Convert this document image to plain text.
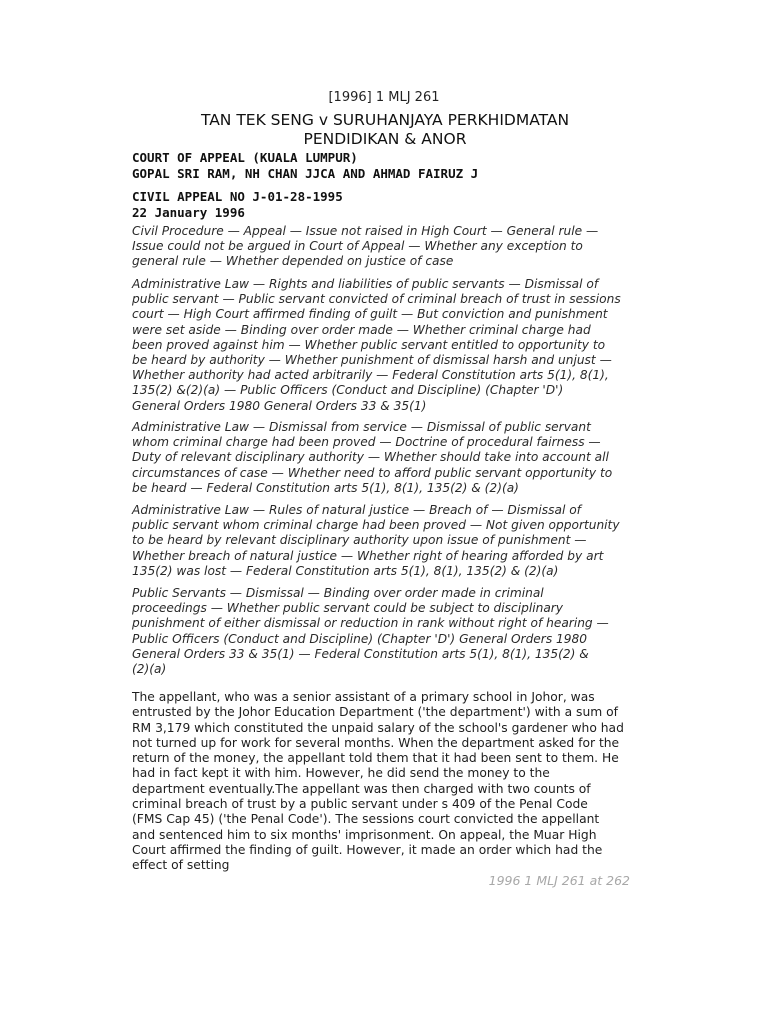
[1996] 1 MLJ 261
TAN TEK SENG v SURUHANJAYA PERKHIDMATAN
PENDIDIKAN & ANOR
COURT OF APPEAL (KUALA LUMPUR)
GOPAL SRI RAM, NH CHAN JJCA AND AHMAD FAIRUZ J
CIVIL APPEAL NO J-01-28-1995
22 January 1996

Civil Procedure — Appeal — Issue not raised in High Court — General rule —

Issue could not be argued in Court of Appeal — Whether any exception to

general rule — Whether depended on justice of case

Administrative Law — Rights and liabilities of public servants — Dismissal of

public servant — Public servant convicted of criminal breach of trust in sessions

court — High Court affirmed finding of guilt — But conviction and punishment

were set aside — Binding over order made — Whether criminal charge had

been proved against him — Whether public servant entitled to opportunity to

be heard by authority — Whether punishment of dismissal harsh and unjust —

Whether authority had acted arbitrarily — Federal Constitution arts 5(1), 8(1),

135(2) &(2)(a) — Public Officers (Conduct and Discipline) (Chapter 'D')

General Orders 1980 General Orders 33 & 35(1)

Administrative Law — Dismissal from service — Dismissal of public servant

whom criminal charge had been proved — Doctrine of procedural fairness —

Duty of relevant disciplinary authority — Whether should take into account all

circumstances of case — Whether need to afford public servant opportunity to

be heard — Federal Constitution arts 5(1), 8(1), 135(2) & (2)(a)

Administrative Law — Rules of natural justice — Breach of — Dismissal of

public servant whom criminal charge had been proved — Not given opportunity

to be heard by relevant disciplinary authority upon issue of punishment —

Whether breach of natural justice — Whether right of hearing afforded by art

135(2) was lost — Federal Constitution arts 5(1), 8(1), 135(2) & (2)(a)

Public Servants — Dismissal — Binding over order made in criminal

proceedings — Whether public servant could be subject to disciplinary

punishment of either dismissal or reduction in rank without right of hearing —

Public Officers (Conduct and Discipline) (Chapter 'D') General Orders 1980

General Orders 33 & 35(1) — Federal Constitution arts 5(1), 8(1), 135(2) &

(2)(a)

The appellant, who was a senior assistant of a primary school in Johor, was

entrusted by the Johor Education Department ('the department') with a sum of

RM 3,179 which constituted the unpaid salary of the school's gardener who had

not turned up for work for several months. When the department asked for the

return of the money, the appellant told them that it had been sent to them. He

had in fact kept it with him. However, he did send the money to the

department eventually.The appellant was then charged with two counts of

criminal breach of trust by a public servant under s 409 of the Penal Code

(FMS Cap 45) ('the Penal Code'). The sessions court convicted the appellant

and sentenced him to six months' imprisonment. On appeal, the Muar High

Court affirmed the finding of guilt. However, it made an order which had the

effect of setting

1996 1 MLJ 261 at 262
